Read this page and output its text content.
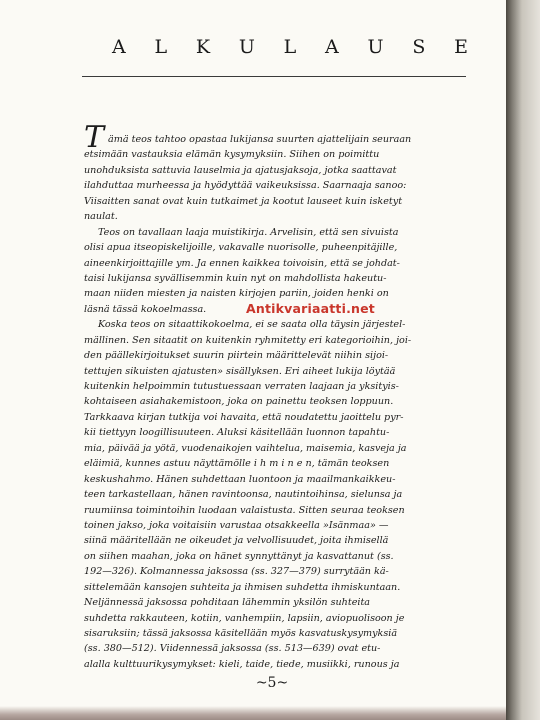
A L K U L A U S E
T ämä teos tahtoo opastaa lukijansa suurten ajattelijain seuraan
etsimään vastauksia elämän kysymyksiin. Siihen on poimittu
unohduksista sattuvia lauselmia ja ajatusjaksoja, jotka saattavat
ilahduttaa murheessa ja hyödyttää vaikeuksissa. Saarnaaja sanoo:
Viisaitten sanat ovat kuin tutkaimet ja kootut lauseet kuin isketyt
naulat.
Teos on tavallaan laaja muistikirja. Arvelisin, että sen sivuista
olisi apua itseopiskelijoille, vakavalle nuorisolle, puheenpitäjille,
aineenkirjoittajille ym. Ja ennen kaikkea toivoisin, että se johdat-
taisi lukijansa syvällisemmin kuin nyt on mahdollista hakeutu-
maan niiden miesten ja naisten kirjojen pariin, joiden henki on
läsnä tässä kokoelmassa.
Koska teos on sitaattikokoelma, ei se saata olla täysin järjestel-
mällinen. Sen sitaatit on kuitenkin ryhmitetty eri kategorioihin, joi-
den päällekirjoitukset suurin piirtein määrittelevät niihin sijoi-
tettujen sikuisten ajatusten» sisällyksen. Eri aiheet lukija löytää
kuitenkin helpoimmin tutustuessaan verraten laajaan ja yksityis-
kohtaiseen asiahakemistoon, joka on painettu teoksen loppuun.
Tarkkaava kirjan tutkija voi havaita, että noudatettu jaoittelu pyr-
kii tiettyyn loogillisuuteen. Aluksi käsitellään luonnon tapahtu-
mia, päivää ja yötä, vuodenaikojen vaihtelua, maisemia, kasveja ja
eläimiä, kunnes astuu näyttämölle i h m i n e n, tämän teoksen
keskushahmo. Hänen suhdettaan luontoon ja maailmankaikkeu-
teen tarkastellaan, hänen ravintoonsa, nautintoihinsa, sielunsa ja
ruumiinsa toimintoihin luodaan valaistusta. Sitten seuraa teoksen
toinen jakso, joka voitaisiin varustaa otsakkeella »Isänmaa» —
siinä määritellään ne oikeudet ja velvollisuudet, joita ihmisellä
on siihen maahan, joka on hänet synnyttänyt ja kasvattanut (ss.
192—326). Kolmannessa jaksossa (ss. 327—379) surrytään kä-
sittelemään kansojen suhteita ja ihmisen suhdetta ihmiskuntaan.
Neljännessä jaksossa pohditaan lähemmin yksilön suhteita
suhdetta rakkauteen, kotiin, vanhempiin, lapsiin, aviopuolisoon je
sisaruksiin; tässä jaksossa käsitellään myös kasvatuskysymyksiä
(ss. 380—512). Viidennessä jaksossa (ss. 513—639) ovat etu-
alalla kulttuurikysymykset: kieli, taide, tiede, musiikki, runous ja
Antikvariaatti.net
~5~
